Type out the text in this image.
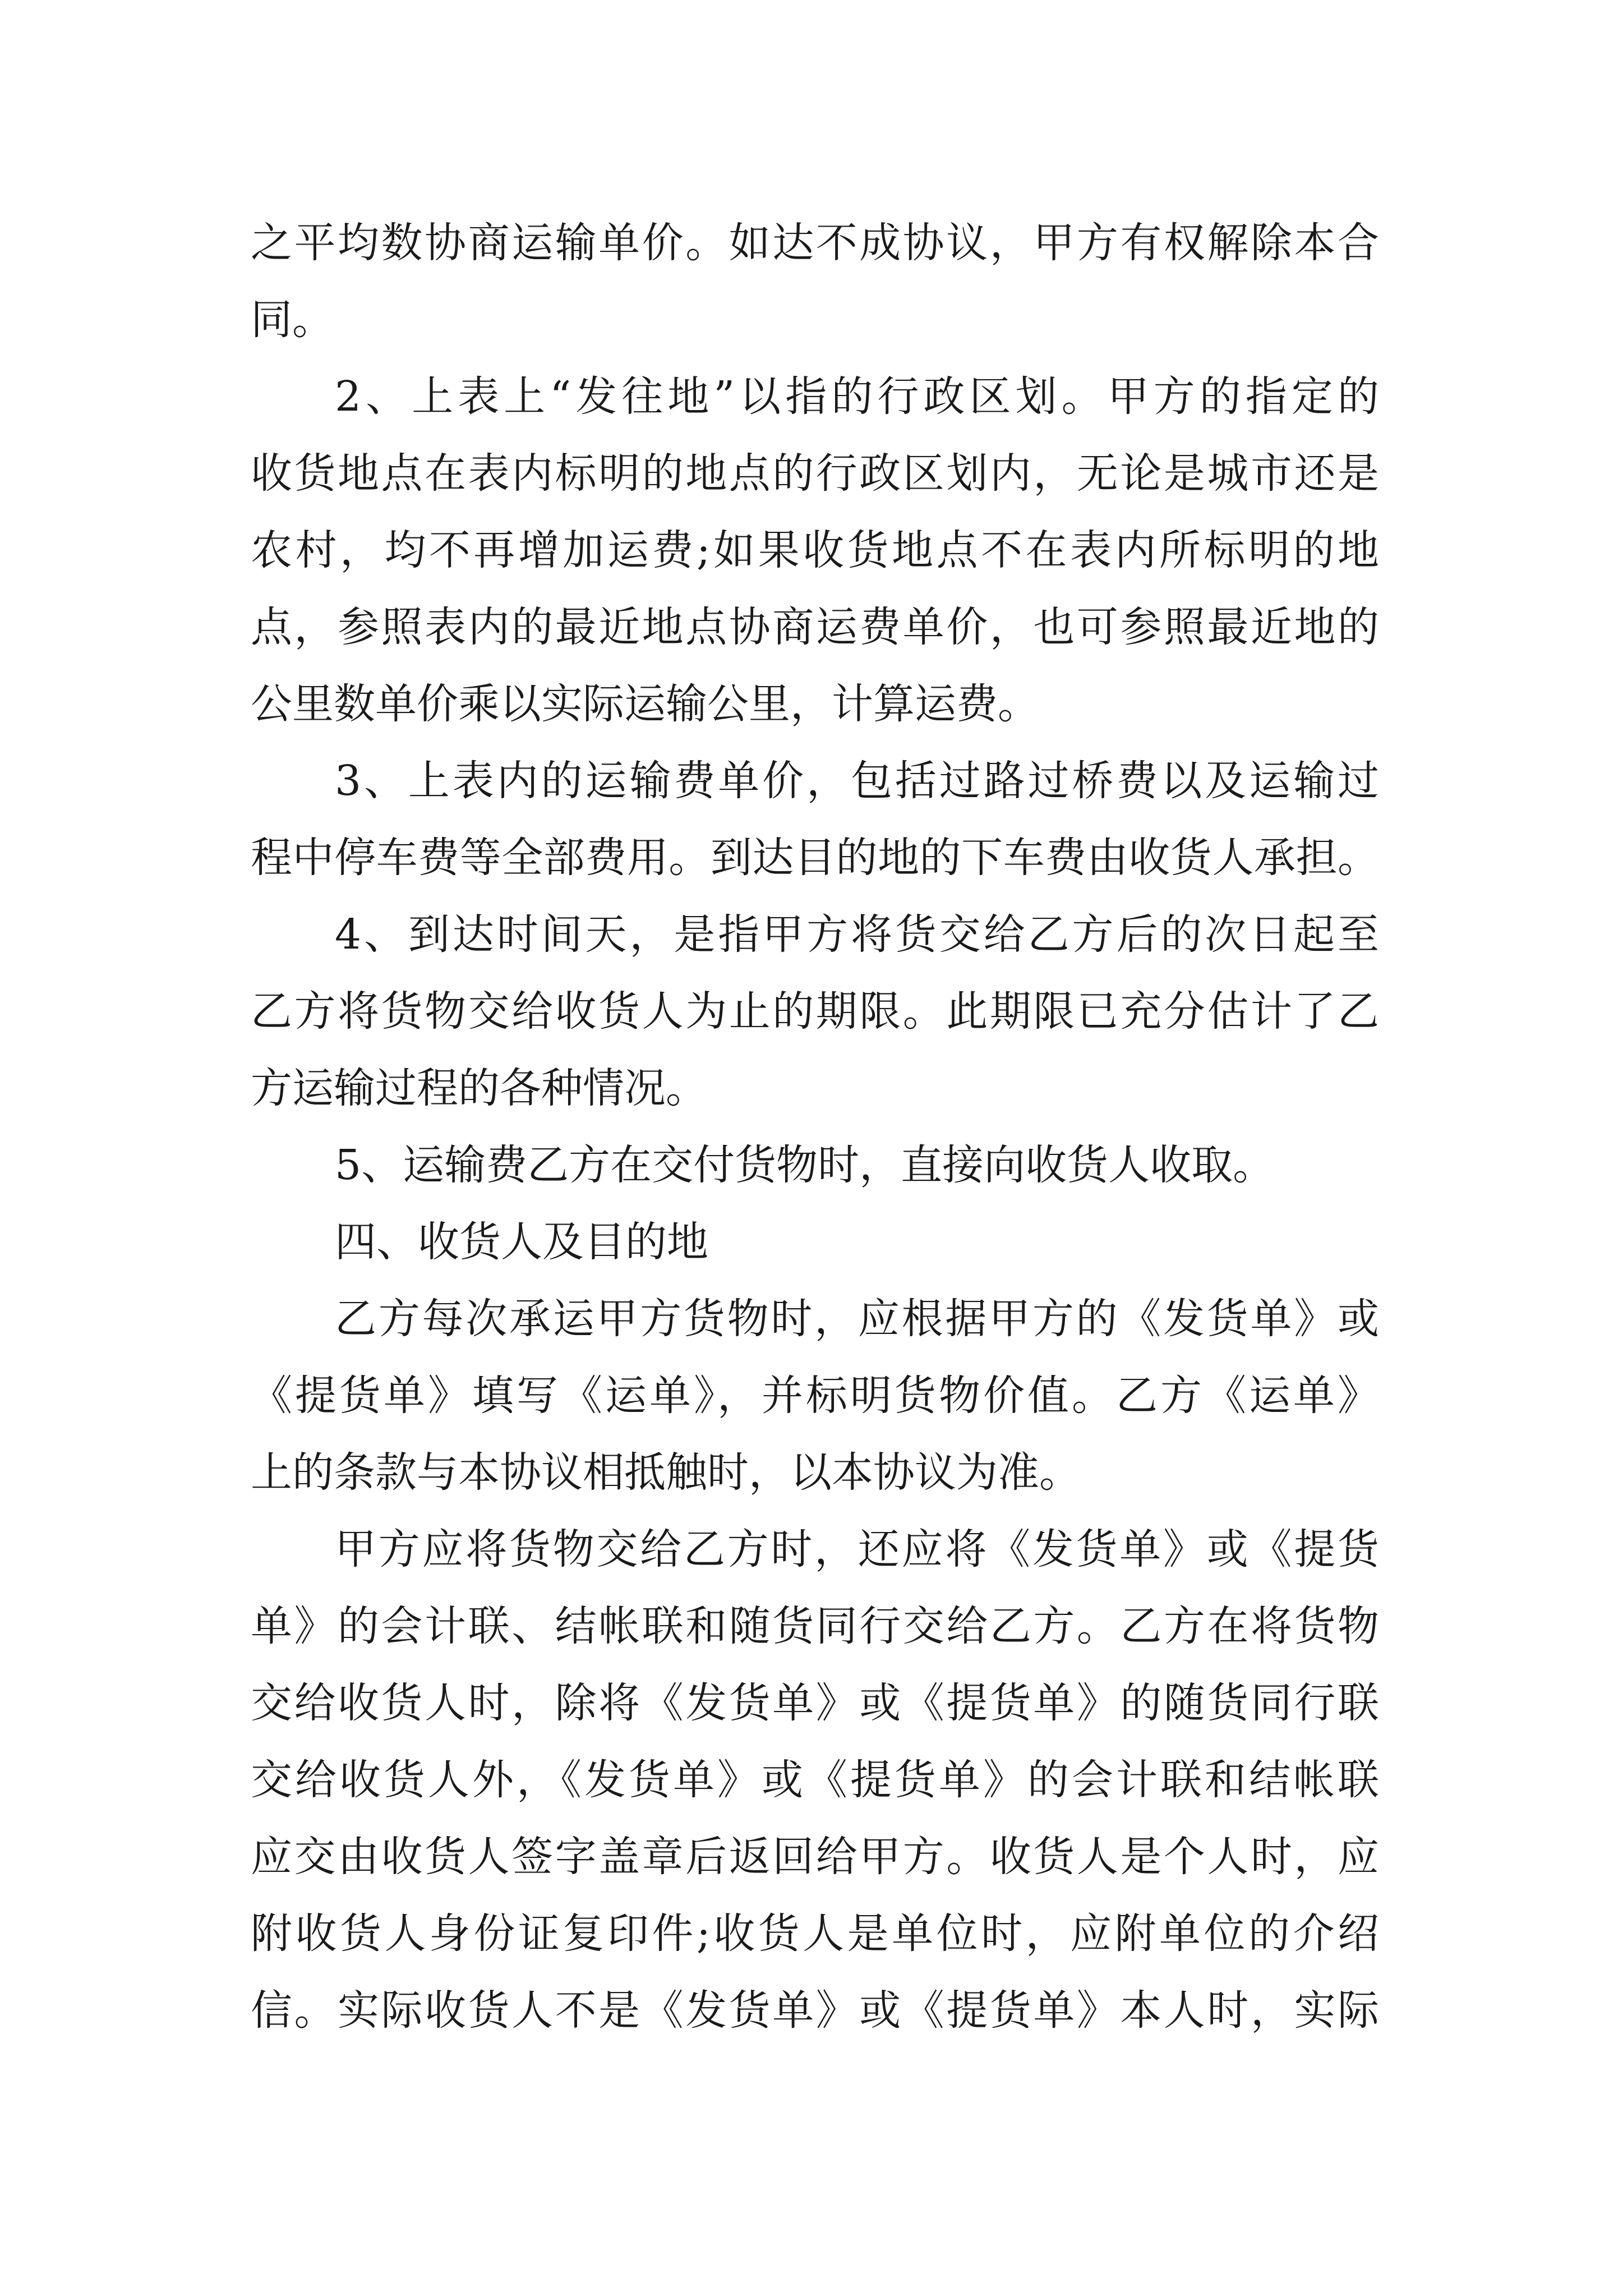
之平均数协商运输单价。如达不成协议，甲方有权解除本合
同。
2、上表上“发往地”以指的行政区划。甲方的指定的
收货地点在表内标明的地点的行政区划内，无论是城市还是
农村，均不再增加运费;如果收货地点不在表内所标明的地
点，参照表内的最近地点协商运费单价，也可参照最近地的
公里数单价乘以实际运输公里，计算运费。
3、上表内的运输费单价，包括过路过桥费以及运输过
程中停车费等全部费用。到达目的地的下车费由收货人承担。
4、到达时间天，是指甲方将货交给乙方后的次日起至
乙方将货物交给收货人为止的期限。此期限已充分估计了乙
方运输过程的各种情况。
5、运输费乙方在交付货物时，直接向收货人收取。
四、收货人及目的地
乙方每次承运甲方货物时，应根据甲方的《发货单》或
《提货单》填写《运单》，并标明货物价值。乙方《运单》
上的条款与本协议相抵触时，以本协议为准。
甲方应将货物交给乙方时，还应将《发货单》或《提货
单》的会计联、结帐联和随货同行交给乙方。乙方在将货物
交给收货人时，除将《发货单》或《提货单》的随货同行联
交给收货人外，《发货单》或《提货单》的会计联和结帐联
应交由收货人签字盖章后返回给甲方。收货人是个人时，应
附收货人身份证复印件;收货人是单位时，应附单位的介绍
信。实际收货人不是《发货单》或《提货单》本人时，实际
